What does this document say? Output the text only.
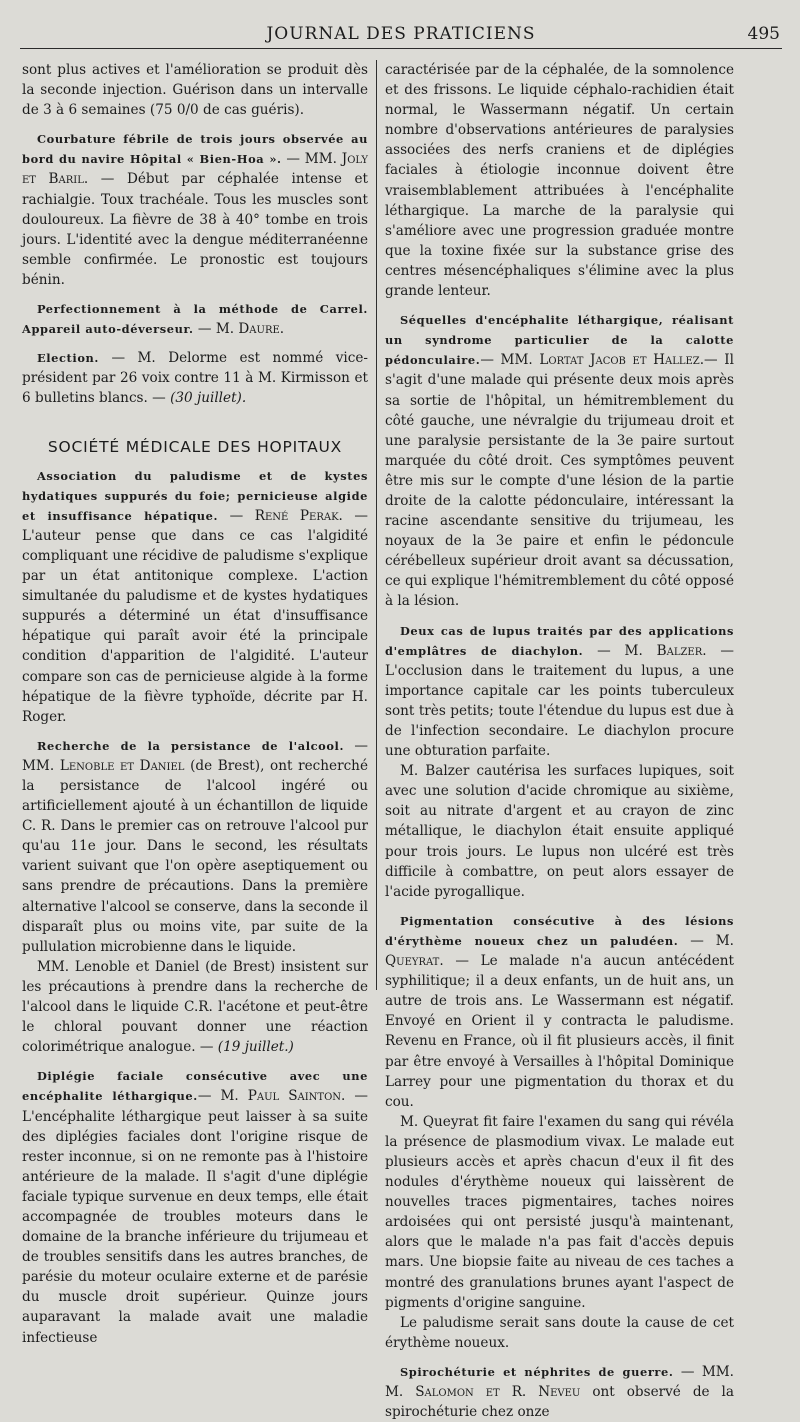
JOURNAL DES PRATICIENS	495

sont plus actives et l'amélioration se produit dès la seconde injection. Guérison dans un intervalle de 3 à 6 semaines (75 0/0 de cas guéris).

Courbature fébrile de trois jours observée au bord du navire Hôpital « Bien-Hoa ». — MM. Joly et Baril. — Début par céphalée intense et rachialgie. Toux trachéale. Tous les muscles sont douloureux. La fièvre de 38 à 40° tombe en trois jours. L'identité avec la dengue méditerranéenne semble confirmée. Le pronostic est toujours bénin.

Perfectionnement à la méthode de Carrel. Appareil auto-déverseur. — M. Daure.

Election. — M. Delorme est nommé vice-président par 26 voix contre 11 à M. Kirmisson et 6 bulletins blancs. — (30 juillet).

SOCIÉTÉ MÉDICALE DES HOPITAUX

Association du paludisme et de kystes hydatiques suppurés du foie; pernicieuse algide et insuffisance hépatique. — René Perak. — L'auteur pense que dans ce cas l'algidité compliquant une récidive de paludisme s'explique par un état antitonique complexe. L'action simultanée du paludisme et de kystes hydatiques suppurés a déterminé un état d'insuffisance hépatique qui paraît avoir été la principale condition d'apparition de l'algidité. L'auteur compare son cas de pernicieuse algide à la forme hépatique de la fièvre typhoïde, décrite par H. Roger.

Recherche de la persistance de l'alcool. — MM. Lenoble et Daniel (de Brest), ont recherché la persistance de l'alcool ingéré ou artificiellement ajouté à un échantillon de liquide C. R. Dans le premier cas on retrouve l'alcool pur qu'au 11e jour. Dans le second, les résultats varient suivant que l'on opère aseptiquement ou sans prendre de précautions. Dans la première alternative l'alcool se conserve, dans la seconde il disparaît plus ou moins vite, par suite de la pullulation microbienne dans le liquide.

MM. Lenoble et Daniel (de Brest) insistent sur les précautions à prendre dans la recherche de l'alcool dans le liquide C.R. l'acétone et peut-être le chloral pouvant donner une réaction colorimétrique analogue. — (19 juillet.)

Diplégie faciale consécutive avec une encéphalite léthargique.— M. Paul Sainton. — L'encéphalite léthargique peut laisser à sa suite des diplégies faciales dont l'origine risque de rester inconnue, si on ne remonte pas à l'histoire antérieure de la malade. Il s'agit d'une diplégie faciale typique survenue en deux temps, elle était accompagnée de troubles moteurs dans le domaine de la branche inférieure du trijumeau et de troubles sensitifs dans les autres branches, de parésie du moteur oculaire externe et de parésie du muscle droit supérieur. Quinze jours auparavant la malade avait une maladie infectieuse

caractérisée par de la céphalée, de la somnolence et des frissons. Le liquide céphalo-rachidien était normal, le Wassermann négatif. Un certain nombre d'observations antérieures de paralysies associées des nerfs craniens et de diplégies faciales à étiologie inconnue doivent être vraisemblablement attribuées à l'encéphalite léthargique. La marche de la paralysie qui s'améliore avec une progression graduée montre que la toxine fixée sur la substance grise des centres mésencéphaliques s'élimine avec la plus grande lenteur.

Séquelles d'encéphalite léthargique, réalisant un syndrome particulier de la calotte pédonculaire.— MM. Lortat Jacob et Hallez.— Il s'agit d'une malade qui présente deux mois après sa sortie de l'hôpital, un hémitremblement du côté gauche, une névralgie du trijumeau droit et une paralysie persistante de la 3e paire surtout marquée du côté droit. Ces symptômes peuvent être mis sur le compte d'une lésion de la partie droite de la calotte pédonculaire, intéressant la racine ascendante sensitive du trijumeau, les noyaux de la 3e paire et enfin le pédoncule cérébelleux supérieur droit avant sa décussation, ce qui explique l'hémitremblement du côté opposé à la lésion.

Deux cas de lupus traités par des applications d'emplâtres de diachylon. — M. Balzer. — L'occlusion dans le traitement du lupus, a une importance capitale car les points tuberculeux sont très petits; toute l'étendue du lupus est due à de l'infection secondaire. Le diachylon procure une obturation parfaite.

M. Balzer cautérisa les surfaces lupiques, soit avec une solution d'acide chromique au sixième, soit au nitrate d'argent et au crayon de zinc métallique, le diachylon était ensuite appliqué pour trois jours. Le lupus non ulcéré est très difficile à combattre, on peut alors essayer de l'acide pyrogallique.

Pigmentation consécutive à des lésions d'érythème noueux chez un paludéen. — M. Queyrat. — Le malade n'a aucun antécédent syphilitique; il a deux enfants, un de huit ans, un autre de trois ans. Le Wassermann est négatif. Envoyé en Orient il y contracta le paludisme. Revenu en France, où il fit plusieurs accès, il finit par être envoyé à Versailles à l'hôpital Dominique Larrey pour une pigmentation du thorax et du cou.

M. Queyrat fit faire l'examen du sang qui révéla la présence de plasmodium vivax. Le malade eut plusieurs accès et après chacun d'eux il fit des nodules d'érythème noueux qui laissèrent de nouvelles traces pigmentaires, taches noires ardoisées qui ont persisté jusqu'à maintenant, alors que le malade n'a pas fait d'accès depuis mars. Une biopsie faite au niveau de ces taches a montré des granulations brunes ayant l'aspect de pigments d'origine sanguine.

Le paludisme serait sans doute la cause de cet érythème noueux.

Spirochéturie et néphrites de guerre. — MM. M. Salomon et R. Neveu ont observé de la spirochéturie chez onze
